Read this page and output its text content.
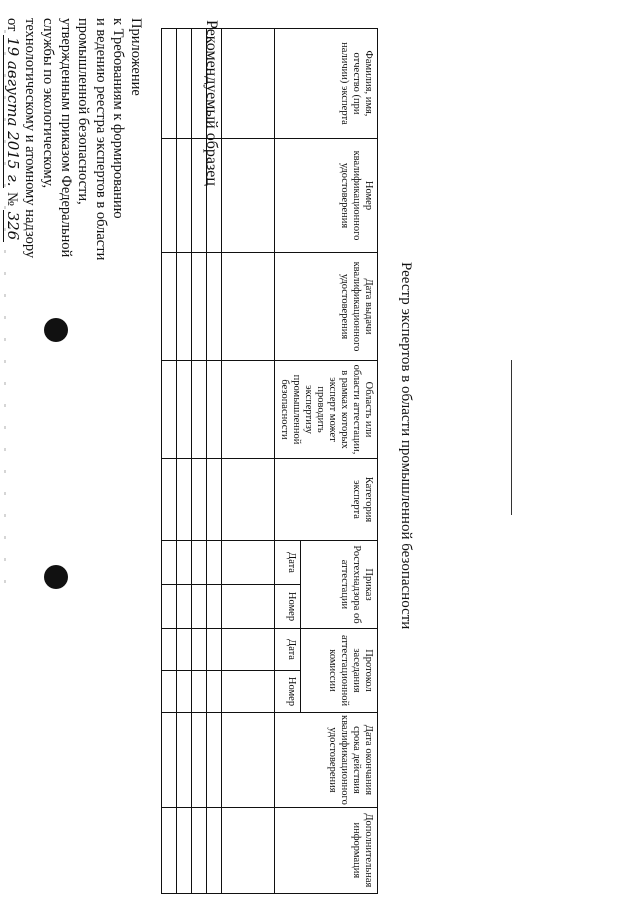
Приложение
к Требованиям к формированию
и ведению реестра экспертов в области
промышленной безопасности,
утвержденным приказом Федеральной
службы по экологическому,
технологическому и атомному надзору
от 19 августа 2015 г. № 326
Рекомендуемый образец
Реестр экспертов в области промышленной безопасности
Фамилия, имя, отчество (при наличии) эксперта	Номер квалификационного удостоверения	Дата выдачи квалификационного удостоверения	Область или области аттестации, в рамках которых эксперт может проводить экспертизу промышленной безопасности	Категория эксперта	Приказ Ростехнадзора об аттестации		Протокол заседания аттестационной комиссии		Дата окончания срока действия квалификационного удостоверения	Дополнительная информация
					Дата	Номер	Дата	Номер		
